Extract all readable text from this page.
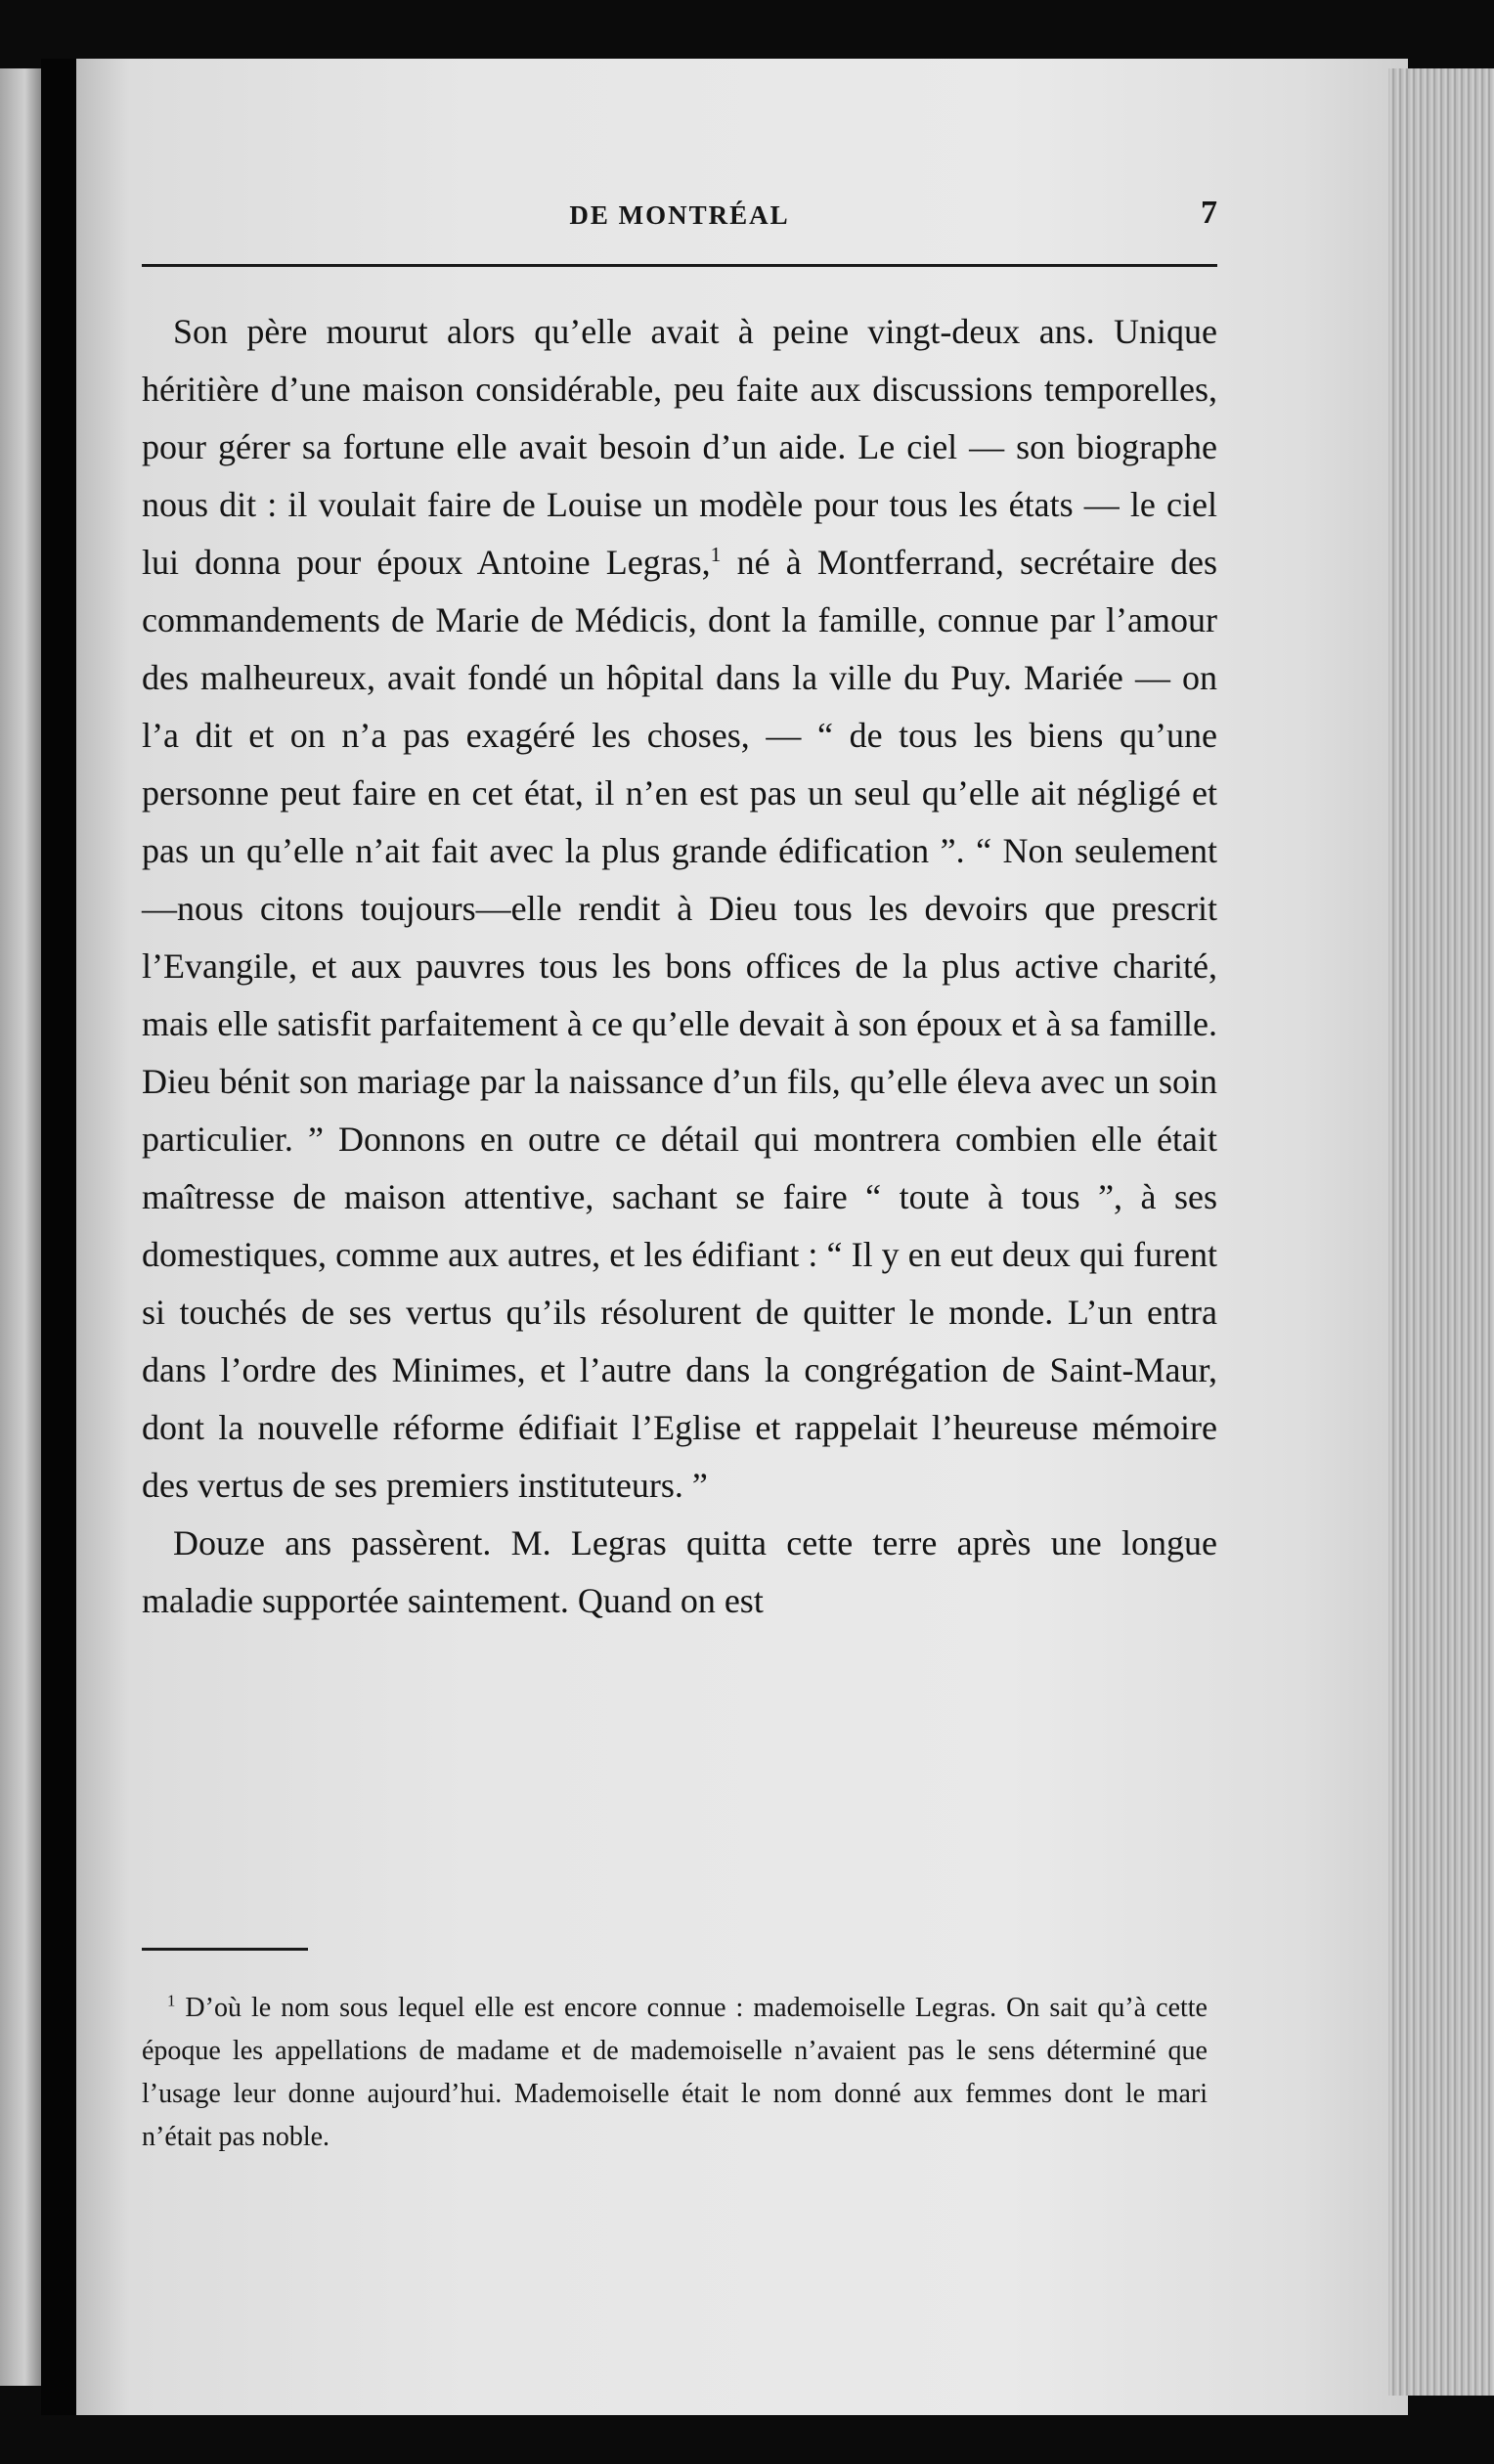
DE MONTRÉAL	7

Son père mourut alors qu’elle avait à peine vingt-deux ans. Unique héritière d’une maison considérable, peu faite aux discussions temporelles, pour gérer sa fortune elle avait besoin d’un aide. Le ciel — son biographe nous dit : il voulait faire de Louise un modèle pour tous les états — le ciel lui donna pour époux Antoine Legras,$^1$ né à Montferrand, secrétaire des commandements de Marie de Médicis, dont la famille, connue par l’amour des malheureux, avait fondé un hôpital dans la ville du Puy. Mariée — on l’a dit et on n’a pas exagéré les choses, — “ de tous les biens qu’une personne peut faire en cet état, il n’en est pas un seul qu’elle ait négligé et pas un qu’elle n’ait fait avec la plus grande édification ”. “ Non seulement—nous citons toujours—elle rendit à Dieu tous les devoirs que prescrit l’Evangile, et aux pauvres tous les bons offices de la plus active charité, mais elle satisfit parfaitement à ce qu’elle devait à son époux et à sa famille. Dieu bénit son mariage par la naissance d’un fils, qu’elle éleva avec un soin particulier. ” Donnons en outre ce détail qui montrera combien elle était maîtresse de maison attentive, sachant se faire “ toute à tous ”, à ses domestiques, comme aux autres, et les édifiant : “ Il y en eut deux qui furent si touchés de ses vertus qu’ils résolurent de quitter le monde. L’un entra dans l’ordre des Minimes, et l’autre dans la congrégation de Saint-Maur, dont la nouvelle réforme édifiait l’Eglise et rappelait l’heureuse mémoire des vertus de ses premiers instituteurs. ”

Douze ans passèrent. M. Legras quitta cette terre après une longue maladie supportée saintement. Quand on est

$^1$ D’où le nom sous lequel elle est encore connue : mademoiselle Legras. On sait qu’à cette époque les appellations de madame et de mademoiselle n’avaient pas le sens déterminé que l’usage leur donne aujourd’hui. Mademoiselle était le nom donné aux femmes dont le mari n’était pas noble.
